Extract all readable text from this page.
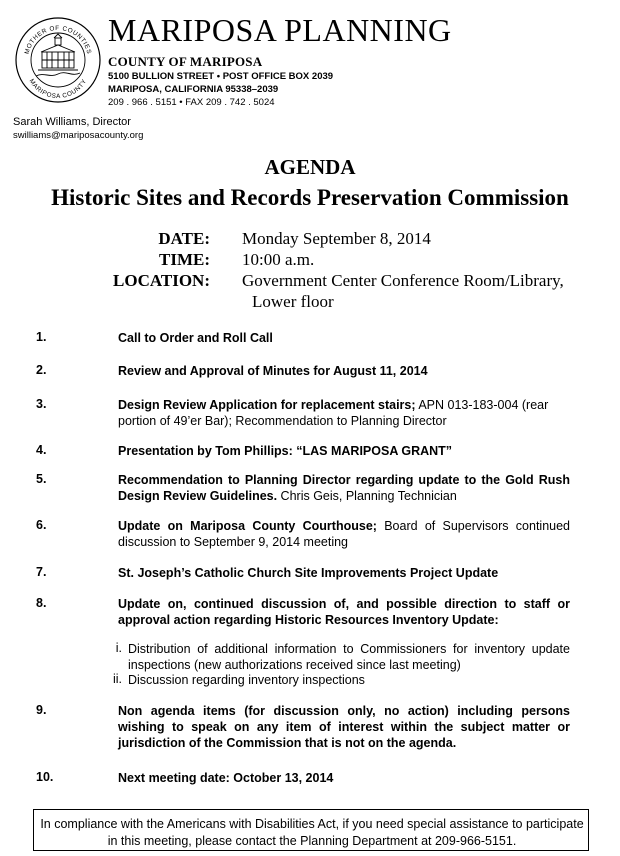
MOTHER OF COUNTIES
MARIPOSA COUNTY
MARIPOSA PLANNING
COUNTY OF MARIPOSA
5100 BULLION STREET • POST OFFICE BOX 2039
MARIPOSA, CALIFORNIA 95338–2039
209 . 966 . 5151 • FAX 209 . 742 . 5024
Sarah Williams, Director
swilliams@mariposacounty.org
AGENDA
Historic Sites and Records Preservation Commission
DATE: Monday September 8, 2014
TIME: 10:00 a.m.
LOCATION: Government Center Conference Room/Library,
Lower floor
1.	Call to Order and Roll Call
2.	Review and Approval of Minutes for August 11, 2014
3.	Design Review Application for replacement stairs; APN 013-183-004 (rear portion of 49’er Bar); Recommendation to Planning Director
4.	Presentation by Tom Phillips: “LAS MARIPOSA GRANT”
5.	Recommendation to Planning Director regarding update to the Gold Rush Design Review Guidelines. Chris Geis, Planning Technician
6.	Update on Mariposa County Courthouse; Board of Supervisors continued discussion to September 9, 2014 meeting
7.	St. Joseph’s Catholic Church Site Improvements Project Update
8.	Update on, continued discussion of, and possible direction to staff or approval action regarding Historic Resources Inventory Update:
i. Distribution of additional information to Commissioners for inventory update inspections (new authorizations received since last meeting)
ii. Discussion regarding inventory inspections
9.	Non agenda items (for discussion only, no action) including persons wishing to speak on any item of interest within the subject matter or jurisdiction of the Commission that is not on the agenda.
10.	Next meeting date: October 13, 2014
In compliance with the Americans with Disabilities Act, if you need special assistance to participate in this meeting, please contact the Planning Department at 209-966-5151.
